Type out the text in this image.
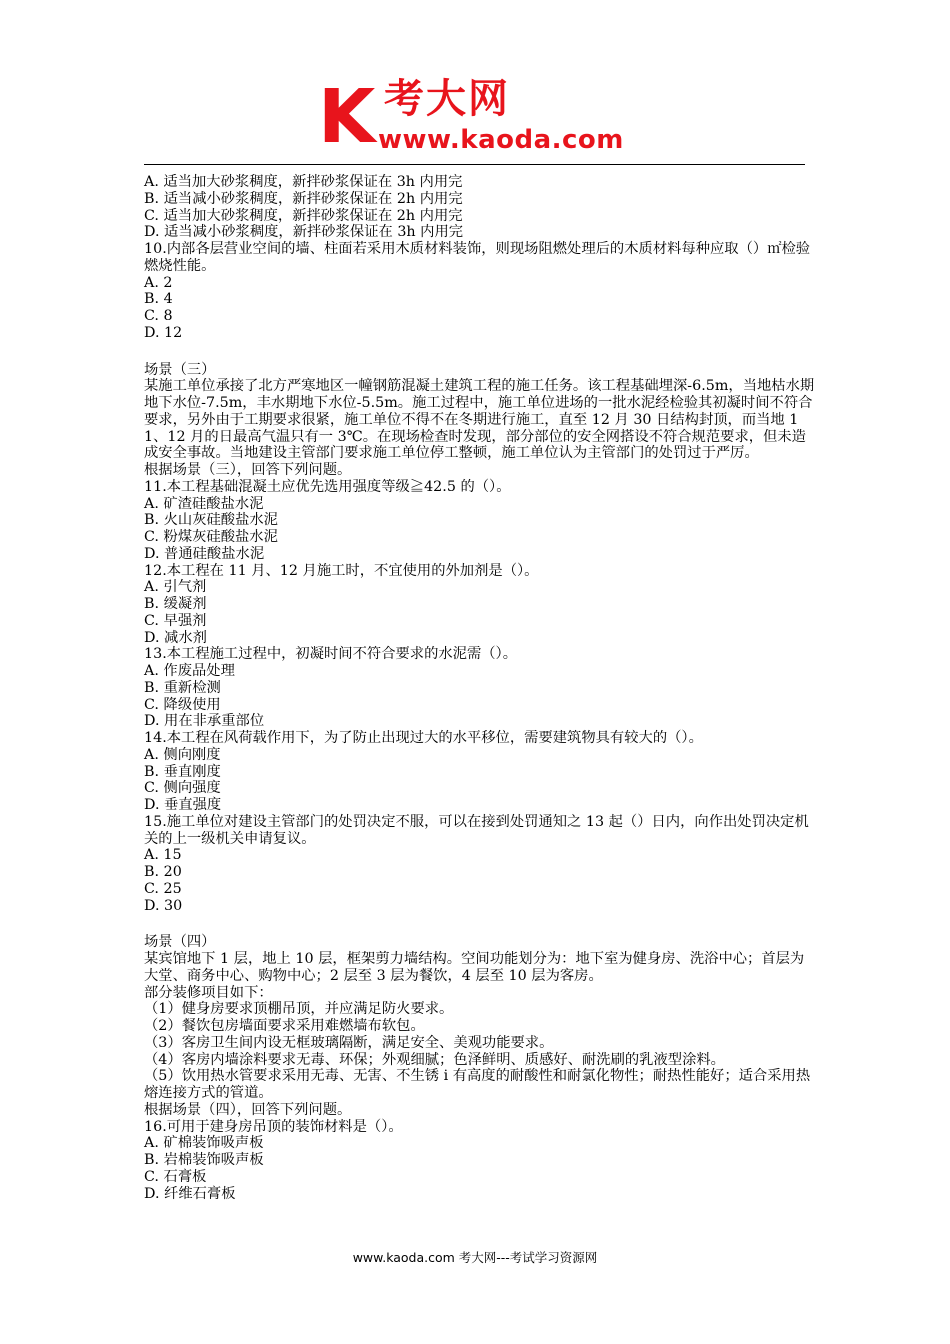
K 考大网
www.kaoda.com
A. 适当加大砂浆稠度，新拌砂浆保证在 3h 内用完
B. 适当减小砂浆稠度，新拌砂浆保证在 2h 内用完
C. 适当加大砂浆稠度，新拌砂浆保证在 2h 内用完
D. 适当减小砂浆稠度，新拌砂浆保证在 3h 内用完
10.内部各层营业空间的墙、柱面若采用木质材料装饰，则现场阻燃处理后的木质材料每种应取（）㎡检验燃烧性能。
A. 2
B. 4
C. 8
D. 12
场景（三）
某施工单位承接了北方严寒地区一幢钢筋混凝土建筑工程的施工任务。该工程基础埋深-6.5m，当地枯水期地下水位-7.5m，丰水期地下水位-5.5m。施工过程中，施工单位进场的一批水泥经检验其初凝时间不符合要求，另外由于工期要求很紧，施工单位不得不在冬期进行施工，直至 12 月 30 日结构封顶，而当地 11、12 月的日最高气温只有一 3℃。在现场检查时发现，部分部位的安全网搭设不符合规范要求，但未造成安全事故。当地建设主管部门要求施工单位停工整顿，施工单位认为主管部门的处罚过于严厉。
根据场景（三），回答下列问题。
11.本工程基础混凝土应优先选用强度等级≧42.5 的（）。
A. 矿渣硅酸盐水泥
B. 火山灰硅酸盐水泥
C. 粉煤灰硅酸盐水泥
D. 普通硅酸盐水泥
12.本工程在 11 月、12 月施工时，不宜使用的外加剂是（）。
A. 引气剂
B. 缓凝剂
C. 早强剂
D. 减水剂
13.本工程施工过程中，初凝时间不符合要求的水泥需（）。
A. 作废品处理
B. 重新检测
C. 降级使用
D. 用在非承重部位
14.本工程在风荷载作用下，为了防止出现过大的水平移位，需要建筑物具有较大的（）。
A. 侧向刚度
B. 垂直刚度
C. 侧向强度
D. 垂直强度
15.施工单位对建设主管部门的处罚决定不服，可以在接到处罚通知之 13 起（）日内，向作出处罚决定机关的上一级机关申请复议。
A. 15
B. 20
C. 25
D. 30
场景（四）
某宾馆地下 1 层，地上 10 层，框架剪力墙结构。空间功能划分为：地下室为健身房、洗浴中心；首层为大堂、商务中心、购物中心；2 层至 3 层为餐饮，4 层至 10 层为客房。
部分装修项目如下：
（1）健身房要求顶棚吊顶，并应满足防火要求。
（2）餐饮包房墙面要求采用难燃墙布软包。
（3）客房卫生间内设无框玻璃隔断，满足安全、美观功能要求。
（4）客房内墙涂料要求无毒、环保；外观细腻；色泽鲜明、质感好、耐洗刷的乳液型涂料。
（5）饮用热水管要求采用无毒、无害、不生锈 i 有高度的耐酸性和耐氯化物性；耐热性能好；适合采用热熔连接方式的管道。
根据场景（四），回答下列问题。
16.可用于建身房吊顶的装饰材料是（）。
A. 矿棉装饰吸声板
B. 岩棉装饰吸声板
C. 石膏板
D. 纤维石膏板
www.kaoda.com 考大网---考试学习资源网
